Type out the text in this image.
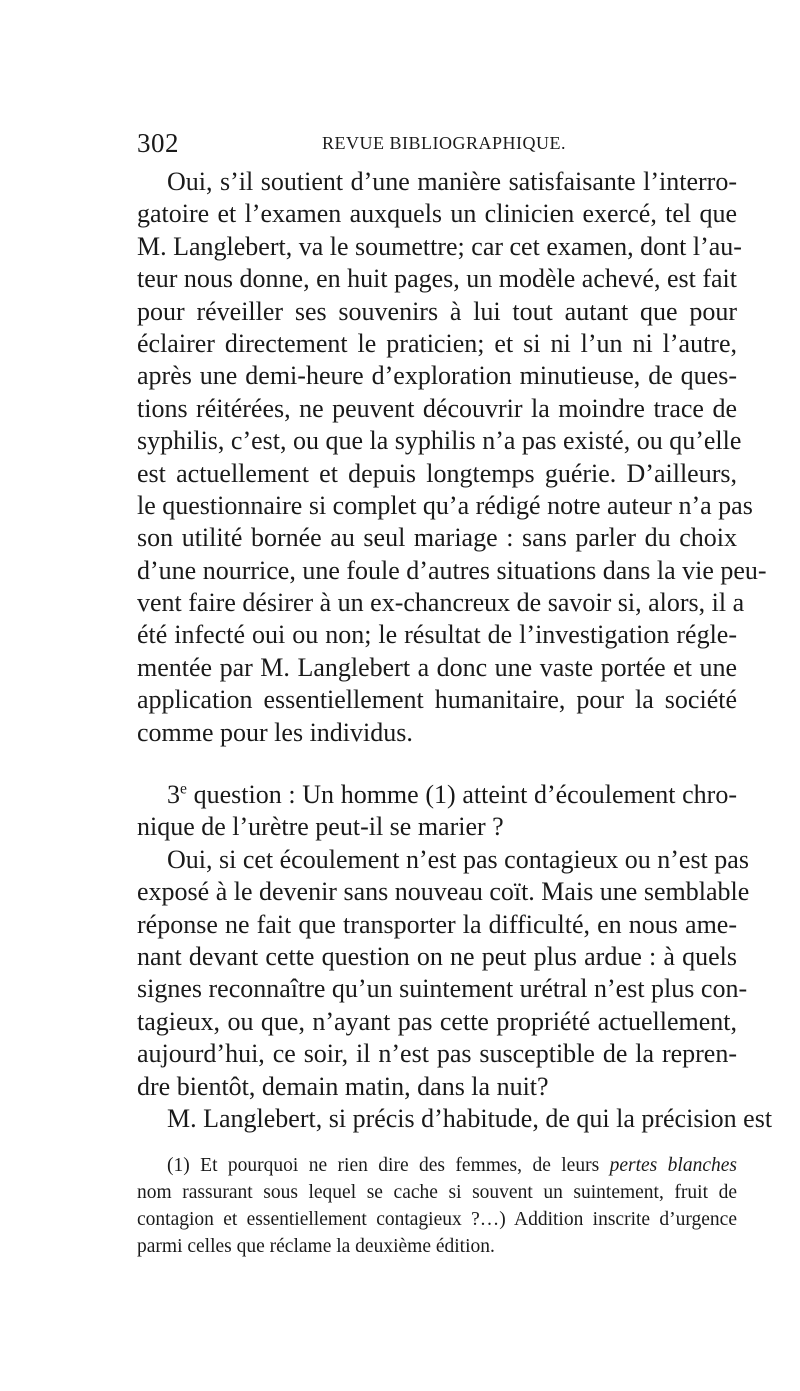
302	REVUE BIBLIOGRAPHIQUE.
Oui, s’il soutient d’une manière satisfaisante l’interro-
gatoire et l’examen auxquels un clinicien exercé, tel que
M. Langlebert, va le soumettre; car cet examen, dont l’au-
teur nous donne, en huit pages, un modèle achevé, est fait
pour réveiller ses souvenirs à lui tout autant que pour
éclairer directement le praticien; et si ni l’un ni l’autre,
après une demi-heure d’exploration minutieuse, de ques-
tions réitérées, ne peuvent découvrir la moindre trace de
syphilis, c’est, ou que la syphilis n’a pas existé, ou qu’elle
est actuellement et depuis longtemps guérie. D’ailleurs,
le questionnaire si complet qu’a rédigé notre auteur n’a pas
son utilité bornée au seul mariage : sans parler du choix
d’une nourrice, une foule d’autres situations dans la vie peu-
vent faire désirer à un ex-chancreux de savoir si, alors, il a
été infecté oui ou non; le résultat de l’investigation régle-
mentée par M. Langlebert a donc une vaste portée et une
application essentiellement humanitaire, pour la société
comme pour les individus.
3e question : Un homme (1) atteint d’écoulement chro-
nique de l’urètre peut-il se marier ?
Oui, si cet écoulement n’est pas contagieux ou n’est pas
exposé à le devenir sans nouveau coït. Mais une semblable
réponse ne fait que transporter la difficulté, en nous ame-
nant devant cette question on ne peut plus ardue : à quels
signes reconnaître qu’un suintement urétral n’est plus con-
tagieux, ou que, n’ayant pas cette propriété actuellement,
aujourd’hui, ce soir, il n’est pas susceptible de la repren-
dre bientôt, demain matin, dans la nuit?
M. Langlebert, si précis d’habitude, de qui la précision est
(1) Et pourquoi ne rien dire des femmes, de leurs pertes blanches
nom rassurant sous lequel se cache si souvent un suintement, fruit de
contagion et essentiellement contagieux ?…) Addition inscrite d’urgence
parmi celles que réclame la deuxième édition.
